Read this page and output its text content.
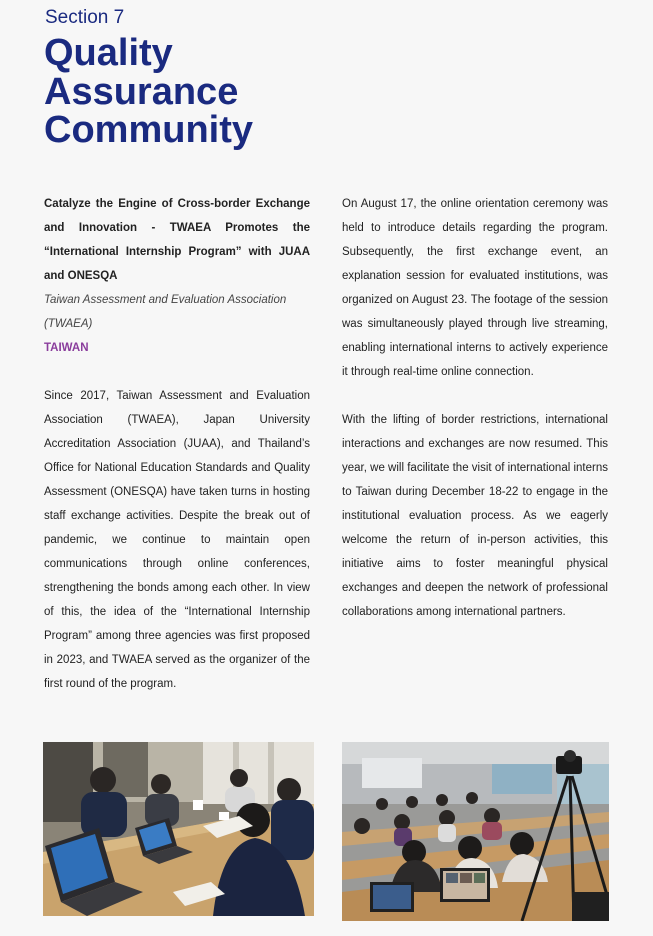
Section 7
Quality
Assurance
Community

Catalyze the Engine of Cross-border Exchange and Innovation - TWAEA Promotes the “International Internship Program” with JUAA and ONESQA

Taiwan Assessment and Evaluation Association (TWAEA)

TAIWAN

Since 2017, Taiwan Assessment and Evaluation Association (TWAEA), Japan University Accreditation Association (JUAA), and Thailand’s Office for National Education Standards and Quality Assessment (ONESQA) have taken turns in hosting staff exchange activities. Despite the break out of pandemic, we continue to maintain open communications through online conferences, strengthening the bonds among each other. In view of this, the idea of the “International Internship Program” among three agencies was first proposed in 2023, and TWAEA served as the organizer of the first round of the program.

On August 17, the online orientation ceremony was held to introduce details regarding the program. Subsequently, the first exchange event, an explanation session for evaluated institutions, was organized on August 23. The footage of the session was simultaneously played through live streaming, enabling international interns to actively experience it through real-time online connection.

With the lifting of border restrictions, international interactions and exchanges are now resumed. This year, we will facilitate the visit of international interns to Taiwan during December 18-22 to engage in the institutional evaluation process. As we eagerly welcome the return of in-person activities, this initiative aims to foster meaningful physical exchanges and deepen the network of professional collaborations among international partners.
